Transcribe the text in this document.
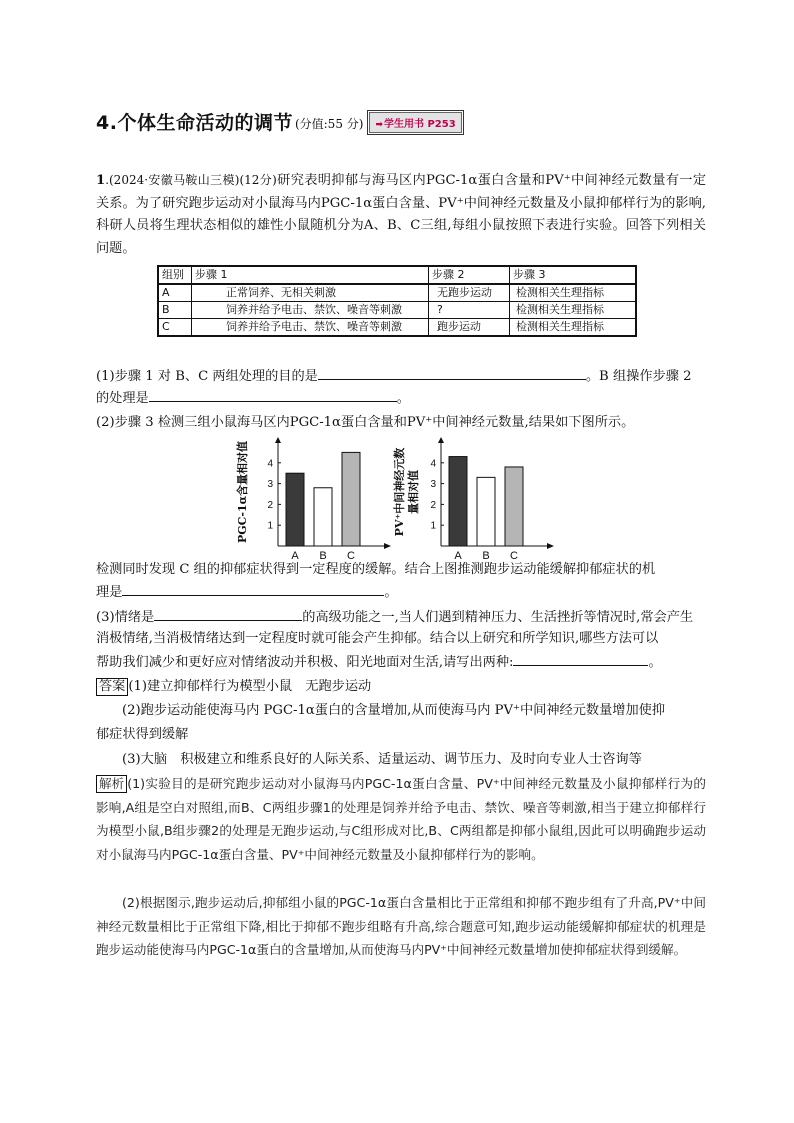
4.个体生命活动的调节 (分值:55 分)	➡学生用书 P253
1.(2024·安徽马鞍山三模)(12分)研究表明抑郁与海马区内PGC-1α蛋白含量和PV⁺中间神经元数量有一定关系。为了研究跑步运动对小鼠海马内PGC-1α蛋白含量、PV⁺中间神经元数量及小鼠抑郁样行为的影响,科研人员将生理状态相似的雄性小鼠随机分为A、B、C三组,每组小鼠按照下表进行实验。回答下列相关问题。
组别	步骤 1	步骤 2	步骤 3
A	正常饲养、无相关刺激	无跑步运动	检测相关生理指标
B	饲养并给予电击、禁饮、噪音等刺激	?	检测相关生理指标
C	饲养并给予电击、禁饮、噪音等刺激	跑步运动	检测相关生理指标
(1)步骤 1 对 B、C 两组处理的目的是	。B 组操作步骤 2
的处理是	。
(2)步骤 3 检测三组小鼠海马区内PGC-1α蛋白含量和PV⁺中间神经元数量,结果如下图所示。
1
2
3
4
A B C
PGC-1α含量相对值	1
2
3
4
A B C
PV⁺中间神经元数 量相对值
检测同时发现 C 组的抑郁症状得到一定程度的缓解。结合上图推测跑步运动能缓解抑郁症状的机
理是	。
(3)情绪是	的高级功能之一,当人们遇到精神压力、生活挫折等情况时,常会产生
消极情绪,当消极情绪达到一定程度时就可能会产生抑郁。结合以上研究和所学知识,哪些方法可以
帮助我们减少和更好应对情绪波动并积极、阳光地面对生活,请写出两种:	。
答案 (1)建立抑郁样行为模型小鼠　无跑步运动
(2)跑步运动能使海马内 PGC-1α蛋白的含量增加,从而使海马内 PV⁺中间神经元数量增加使抑
郁症状得到缓解
(3)大脑　积极建立和维系良好的人际关系、适量运动、调节压力、及时向专业人士咨询等
解析 (1)实验目的是研究跑步运动对小鼠海马内PGC-1α蛋白含量、PV⁺中间神经元数量及小鼠抑郁样行为的影响,A组是空白对照组,而B、C两组步骤1的处理是饲养并给予电击、禁饮、噪音等刺激,相当于建立抑郁样行为模型小鼠,B组步骤2的处理是无跑步运动,与C组形成对比,B、C两组都是抑郁小鼠组,因此可以明确跑步运动对小鼠海马内PGC-1α蛋白含量、PV⁺中间神经元数量及小鼠抑郁样行为的影响。
(2)根据图示,跑步运动后,抑郁组小鼠的PGC-1α蛋白含量相比于正常组和抑郁不跑步组有了升高,PV⁺中间神经元数量相比于正常组下降,相比于抑郁不跑步组略有升高,综合题意可知,跑步运动能缓解抑郁症状的机理是跑步运动能使海马内PGC-1α蛋白的含量增加,从而使海马内PV⁺中间神经元数量增加使抑郁症状得到缓解。
